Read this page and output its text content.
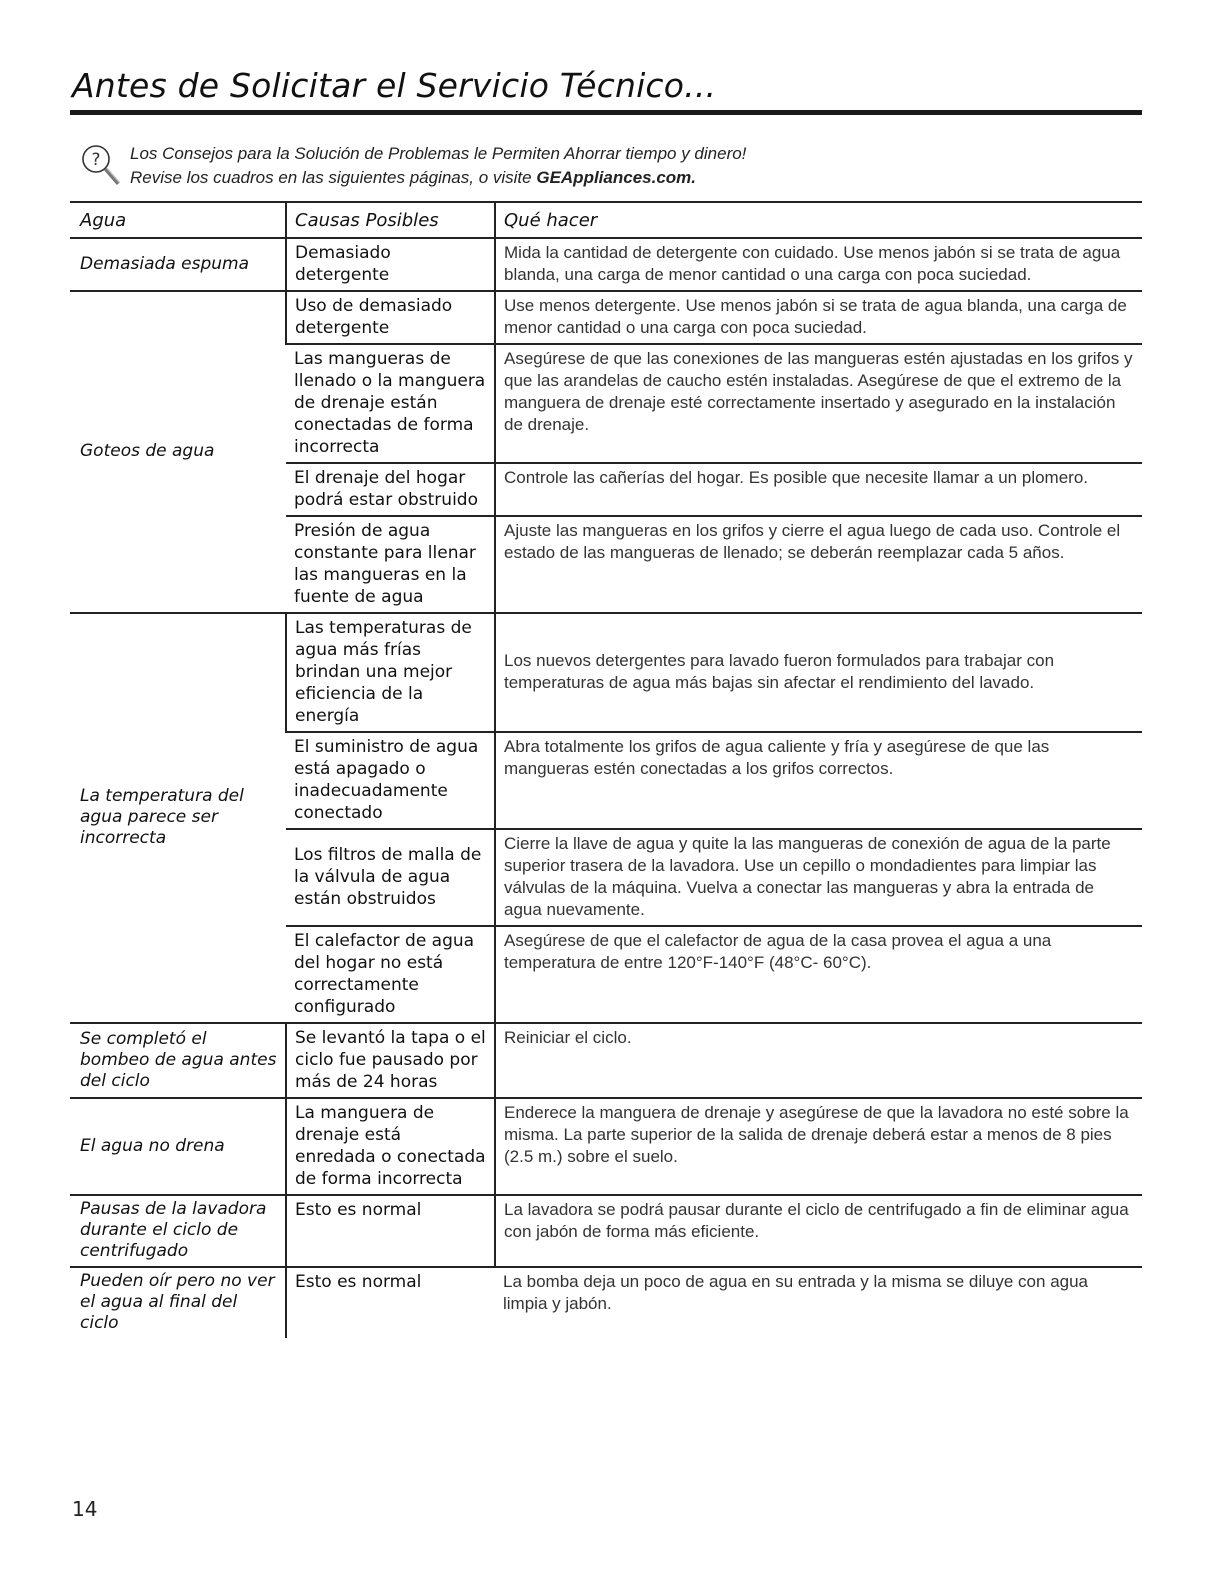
Antes de Solicitar el Servicio Técnico...
? Los Consejos para la Solución de Problemas le Permiten Ahorrar tiempo y dinero!
Revise los cuadros en las siguientes páginas, o visite GEAppliances.com.
Agua	Causas Posibles	Qué hacer
Demasiada espuma	Demasiado detergente	Mida la cantidad de detergente con cuidado. Use menos jabón si se trata de agua blanda, una carga de menor cantidad o una carga con poca suciedad.
Goteos de agua	Uso de demasiado detergente	Use menos detergente. Use menos jabón si se trata de agua blanda, una carga de menor cantidad o una carga con poca suciedad.
	Las mangueras de llenado o la manguera de drenaje están conectadas de forma incorrecta	Asegúrese de que las conexiones de las mangueras estén ajustadas en los grifos y que las arandelas de caucho estén instaladas. Asegúrese de que el extremo de la manguera de drenaje esté correctamente insertado y asegurado en la instalación de drenaje.
	El drenaje del hogar podrá estar obstruido	Controle las cañerías del hogar. Es posible que necesite llamar a un plomero.
	Presión de agua constante para llenar las mangueras en la fuente de agua	Ajuste las mangueras en los grifos y cierre el agua luego de cada uso. Controle el estado de las mangueras de llenado; se deberán reemplazar cada 5 años.
La temperatura del agua parece ser incorrecta	Las temperaturas de agua más frías brindan una mejor eficiencia de la energía	Los nuevos detergentes para lavado fueron formulados para trabajar con temperaturas de agua más bajas sin afectar el rendimiento del lavado.
	El suministro de agua está apagado o inadecuadamente conectado	Abra totalmente los grifos de agua caliente y fría y asegúrese de que las mangueras estén conectadas a los grifos correctos.
	Los filtros de malla de la válvula de agua están obstruidos	Cierre la llave de agua y quite la las mangueras de conexión de agua de la parte superior trasera de la lavadora. Use un cepillo o mondadientes para limpiar las válvulas de la máquina. Vuelva a conectar las mangueras y abra la entrada de agua nuevamente.
	El calefactor de agua del hogar no está correctamente configurado	Asegúrese de que el calefactor de agua de la casa provea el agua a una temperatura de entre 120°F-140°F (48°C- 60°C).
Se completó el bombeo de agua antes del ciclo	Se levantó la tapa o el ciclo fue pausado por más de 24 horas	Reiniciar el ciclo.
El agua no drena	La manguera de drenaje está enredada o conectada de forma incorrecta	Enderece la manguera de drenaje y asegúrese de que la lavadora no esté sobre la misma. La parte superior de la salida de drenaje deberá estar a menos de 8 pies (2.5 m.) sobre el suelo.
Pausas de la lavadora durante el ciclo de centrifugado	Esto es normal	La lavadora se podrá pausar durante el ciclo de centrifugado a fin de eliminar agua con jabón de forma más eficiente.
Pueden oír pero no ver el agua al final del ciclo	Esto es normal	La bomba deja un poco de agua en su entrada y la misma se diluye con agua limpia y jabón.
14
